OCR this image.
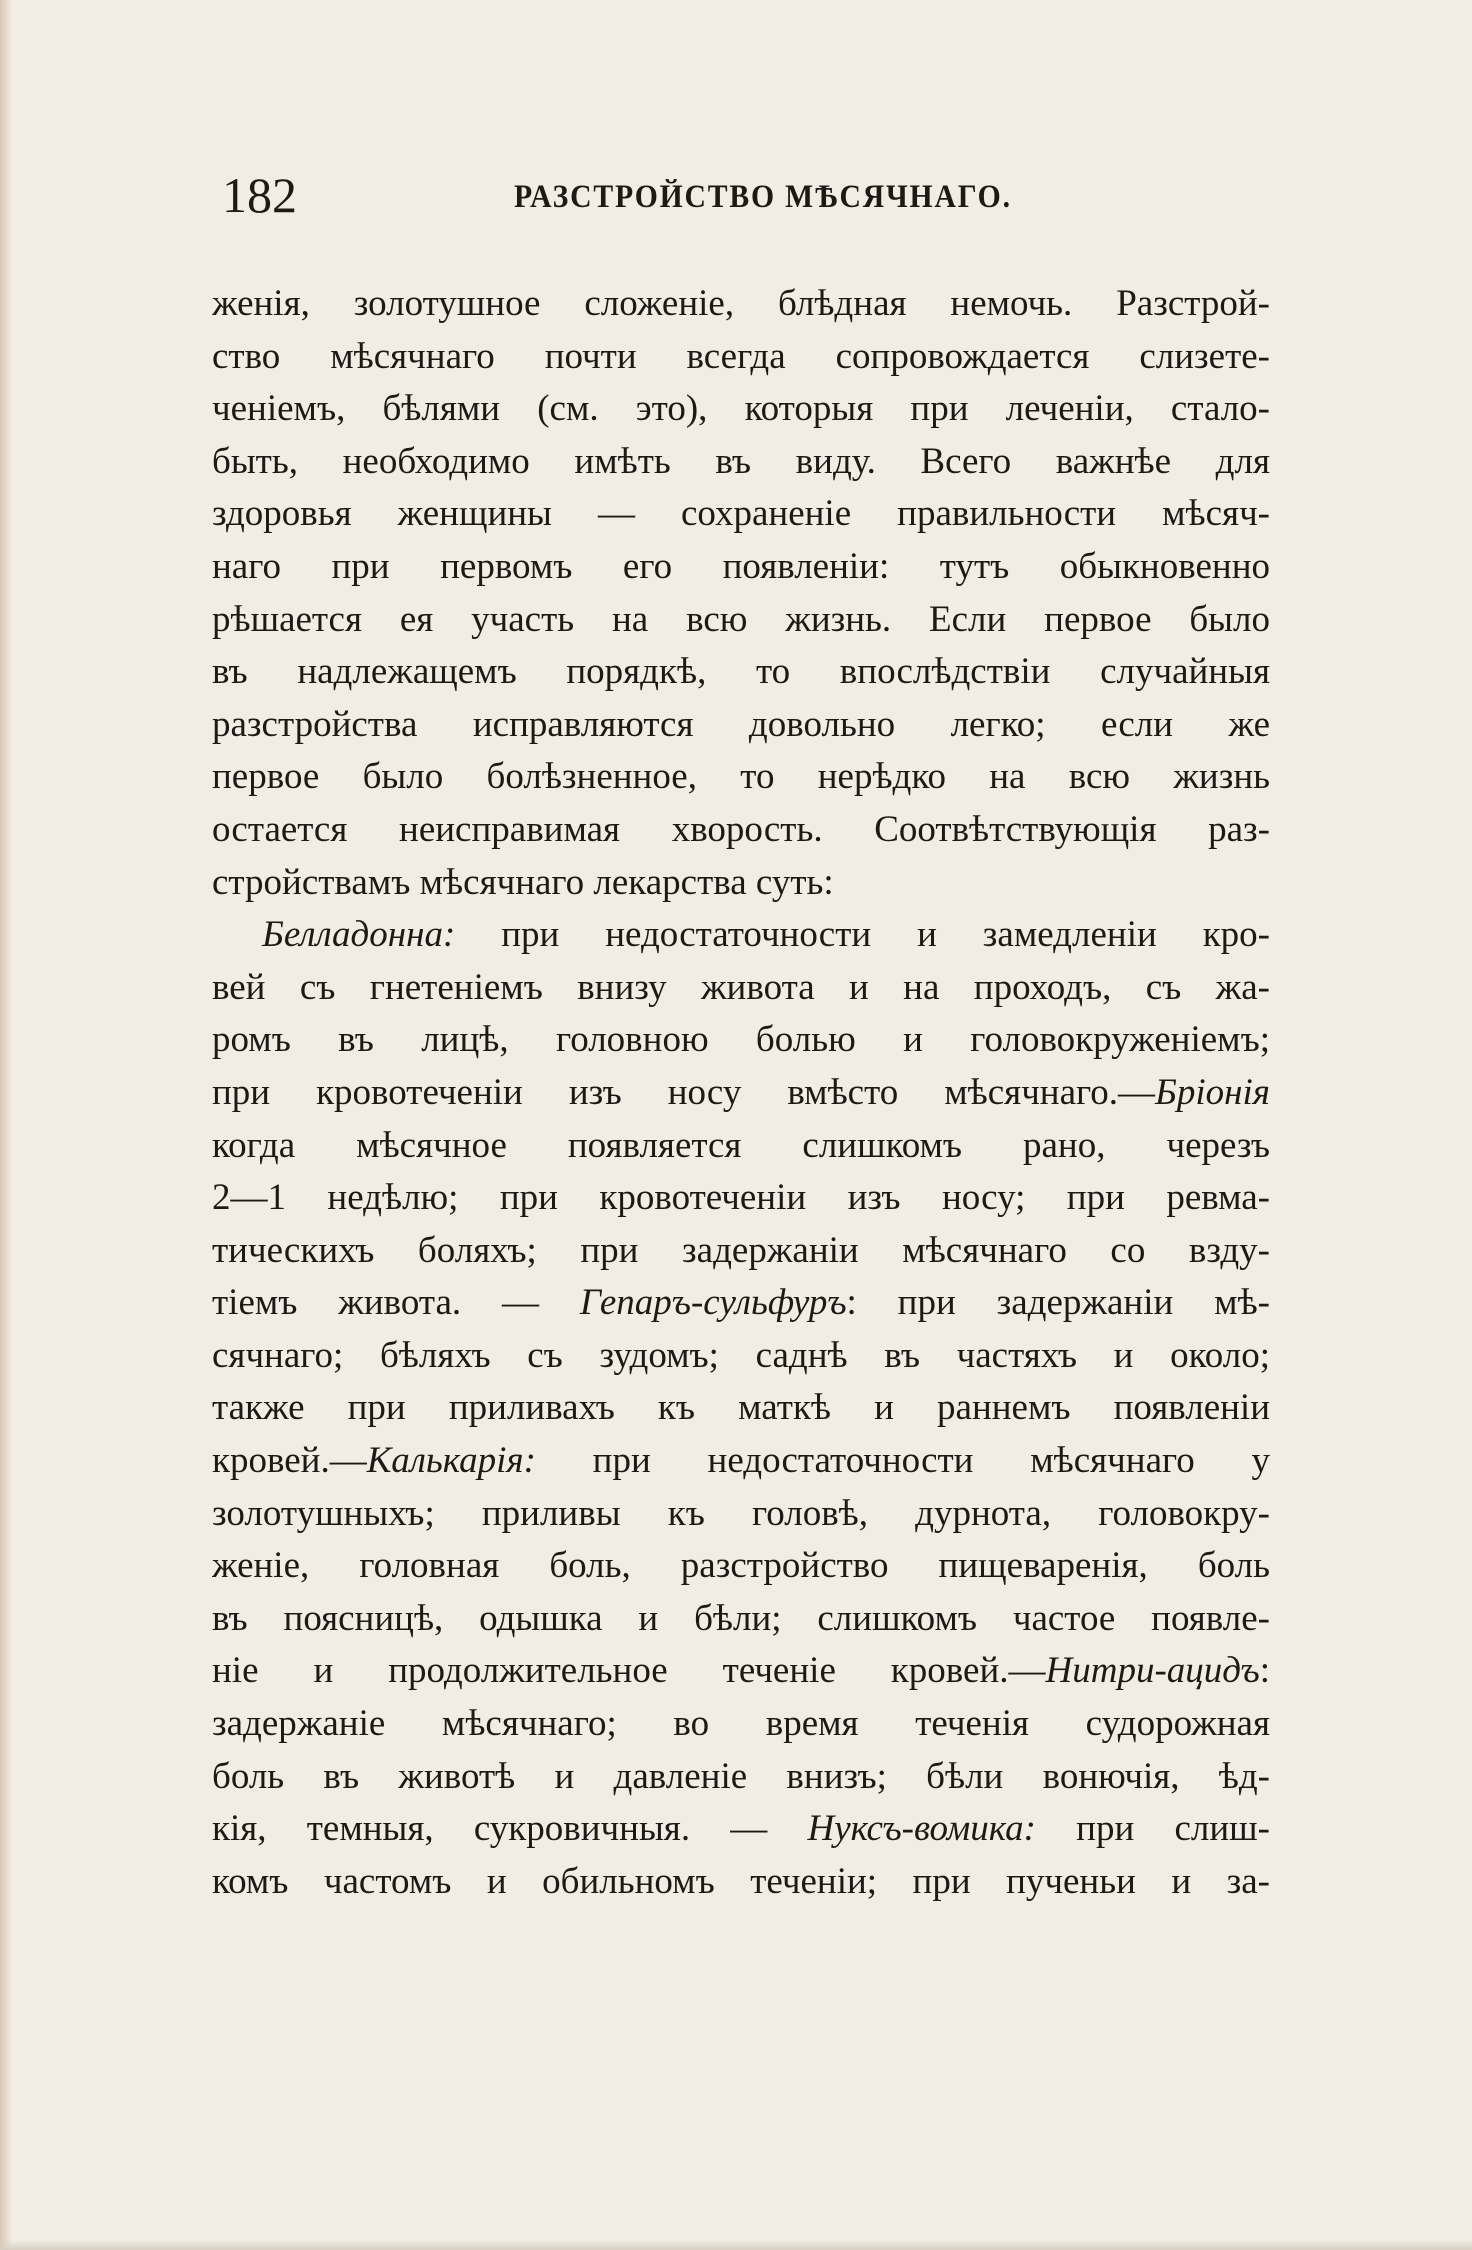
182	РАЗСТРОЙСТВО МѢСЯЧНАГО.
женія, золотушное сложеніе, блѣдная немочь. Разстрой-
ство мѣсячнаго почти всегда сопровождается слизете-
ченіемъ, бѣлями (см. это), которыя при леченіи, стало-
быть, необходимо имѣть въ виду. Всего важнѣе для
здоровья женщины — сохраненіе правильности мѣсяч-
наго при первомъ его появленіи: тутъ обыкновенно
рѣшается ея участь на всю жизнь. Если первое было
въ надлежащемъ порядкѣ, то впослѣдствіи случайныя
разстройства исправляются довольно легко; если же
первое было болѣзненное, то нерѣдко на всю жизнь
остается неисправимая хворость. Соотвѣтствующія раз-
стройствамъ мѣсячнаго лекарства суть:
Белладонна: при недостаточности и замедленіи кро-
вей съ гнетеніемъ внизу живота и на проходъ, съ жа-
ромъ въ лицѣ, головною болью и головокруженіемъ;
при кровотеченіи изъ носу вмѣсто мѣсячнаго.—Бріонія
когда мѣсячное появляется слишкомъ рано, черезъ
2—1 недѣлю; при кровотеченіи изъ носу; при ревма-
тическихъ боляхъ; при задержаніи мѣсячнаго со взду-
тіемъ живота. — Гепаръ-сульфуръ: при задержаніи мѣ-
сячнаго; бѣляхъ съ зудомъ; саднѣ въ частяхъ и около;
также при приливахъ къ маткѣ и раннемъ появленіи
кровей.—Калькарія: при недостаточности мѣсячнаго у
золотушныхъ; приливы къ головѣ, дурнота, головокру-
женіе, головная боль, разстройство пищеваренія, боль
въ поясницѣ, одышка и бѣли; слишкомъ частое появле-
ніе и продолжительное теченіе кровей.—Нитри-ацидъ:
задержаніе мѣсячнаго; во время теченія судорожная
боль въ животѣ и давленіе внизъ; бѣли вонючія, ѣд-
кія, темныя, сукровичныя. — Нуксъ-вомика: при слиш-
комъ частомъ и обильномъ теченіи; при пученьи и за-
